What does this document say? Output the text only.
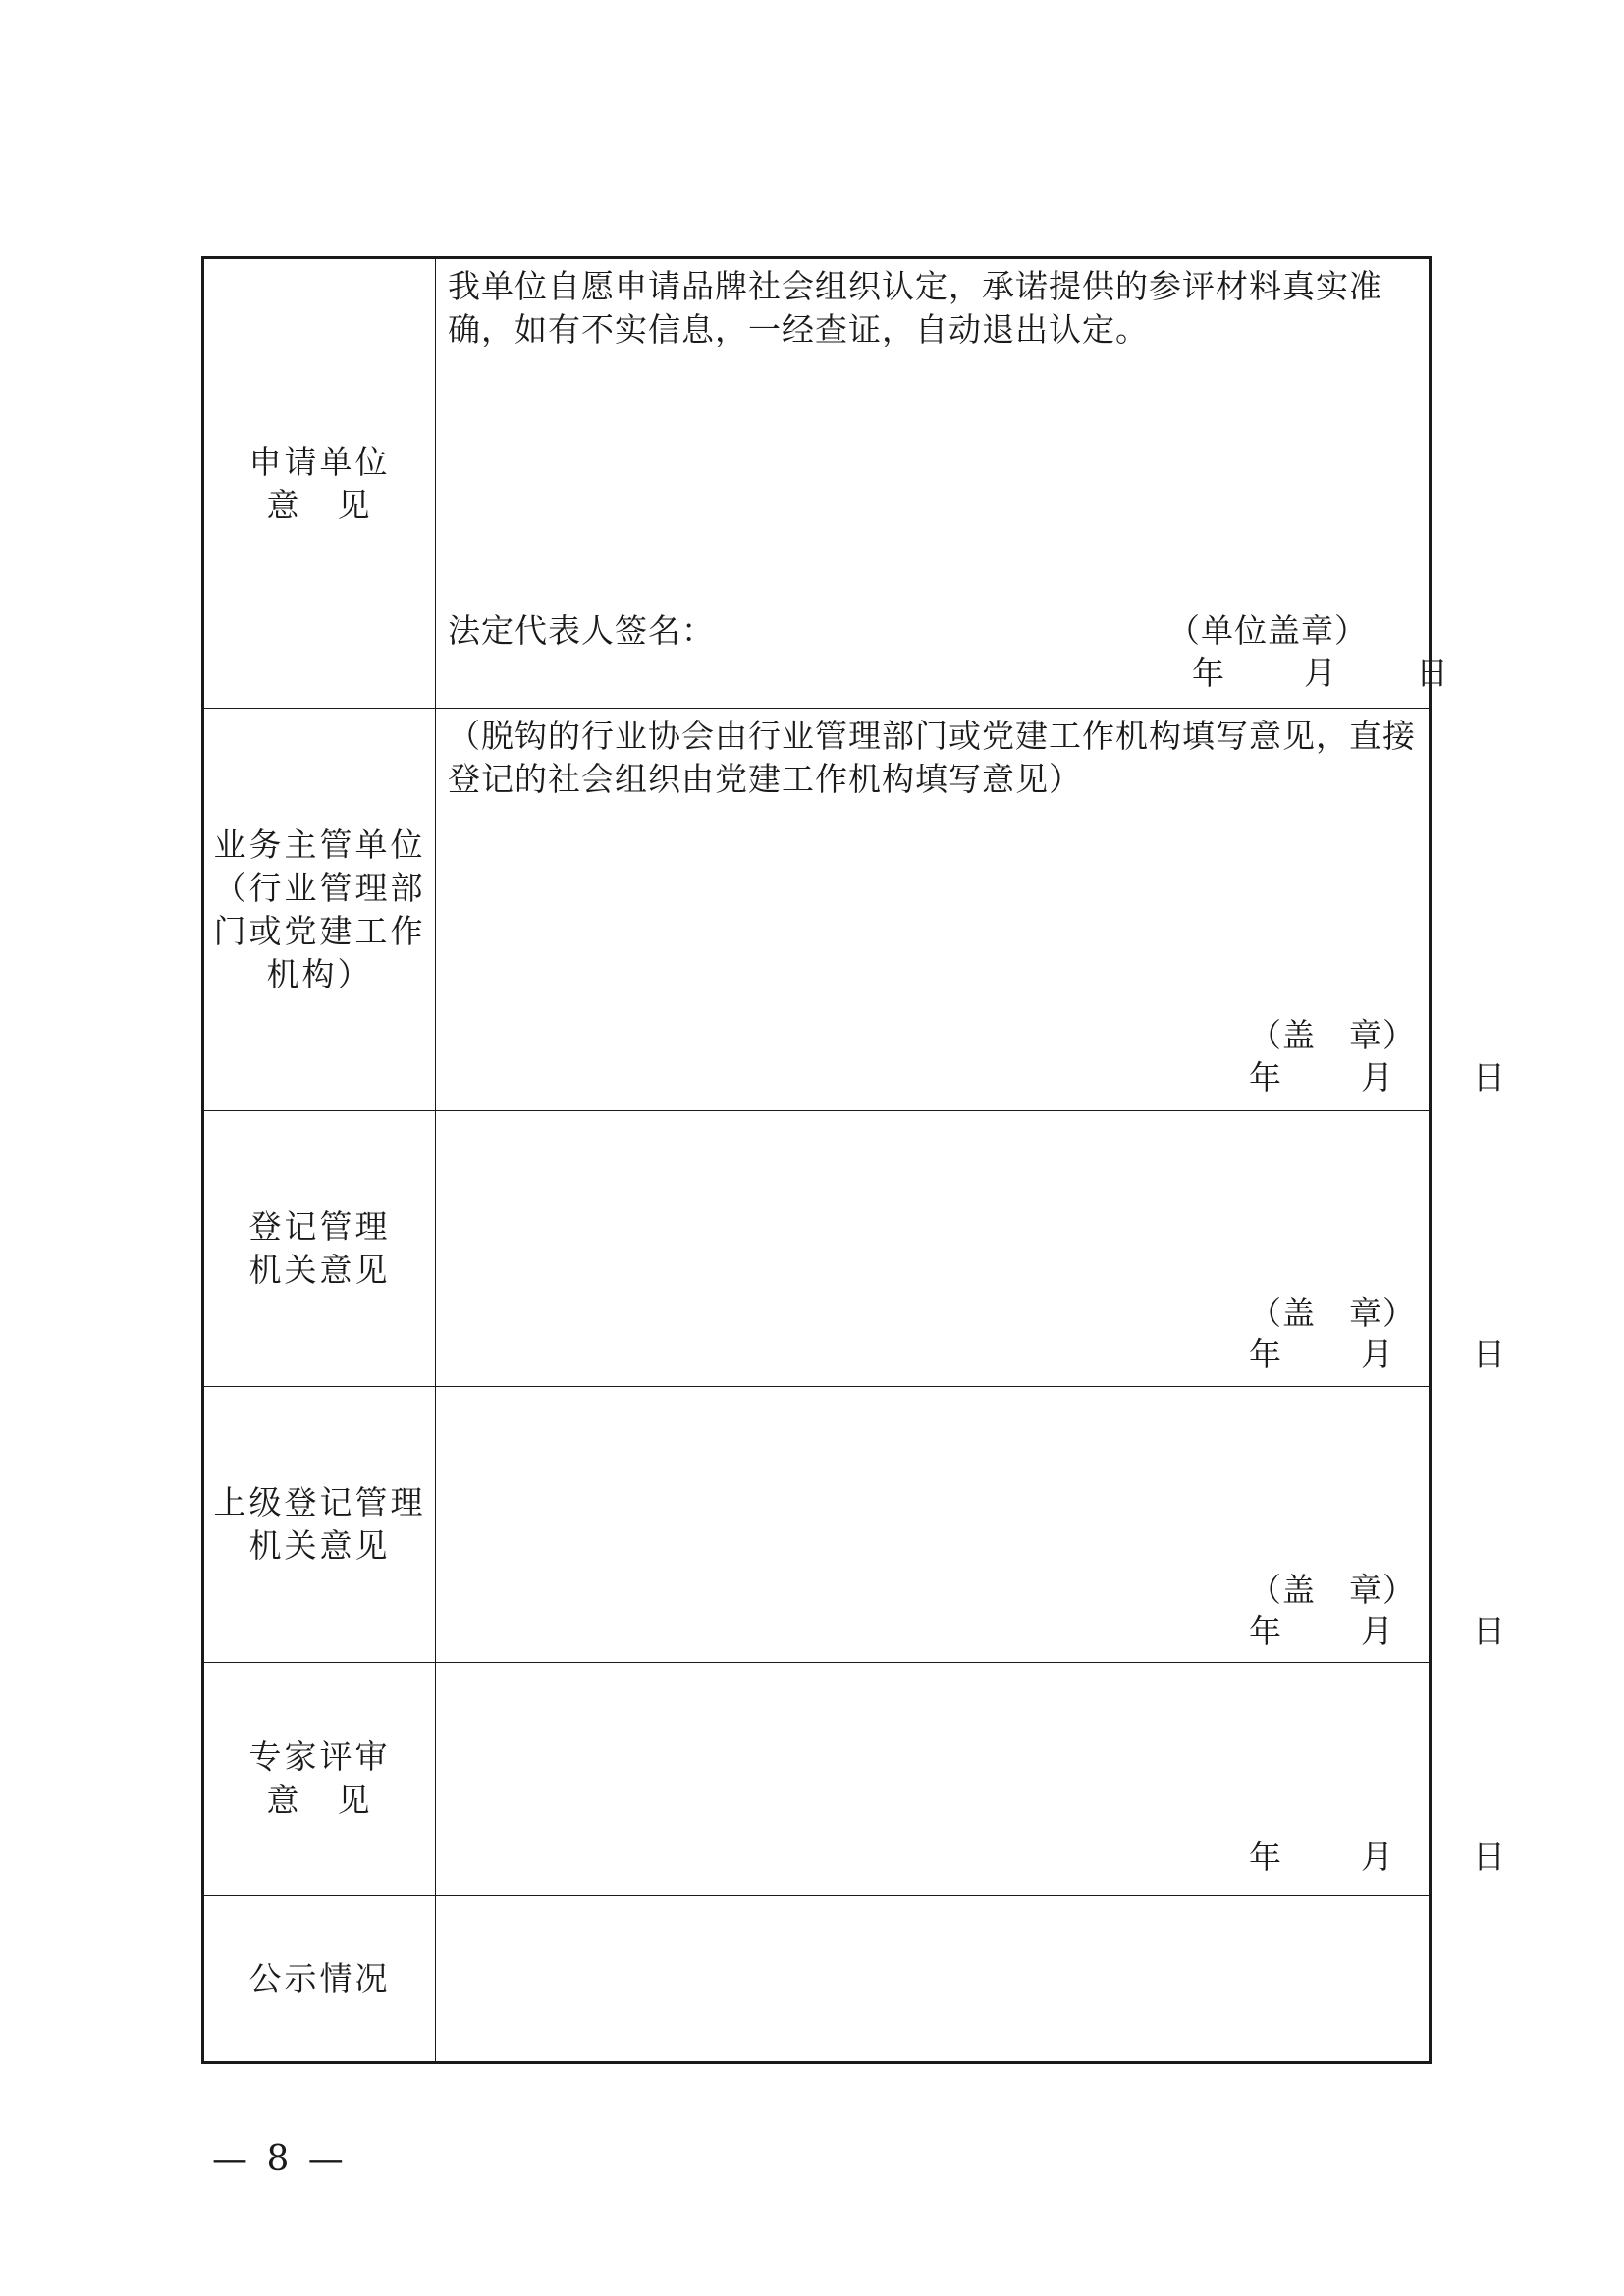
申请单位
意　见
我单位自愿申请品牌社会组织认定，承诺提供的参评材料真实准确，如有不实信息，一经查证，自动退出认定。
法定代表人签名：	（单位盖章）
年　月　日
业务主管单位
（行业管理部
门或党建工作
机构）
（脱钩的行业协会由行业管理部门或党建工作机构填写意见，直接登记的社会组织由党建工作机构填写意见）
（盖　章）
年　月　日
登记管理
机关意见
（盖　章）
年　月　日
上级登记管理
机关意见
（盖　章）
年　月　日
专家评审
意　见
年　月　日
公示情况
— 8 —
